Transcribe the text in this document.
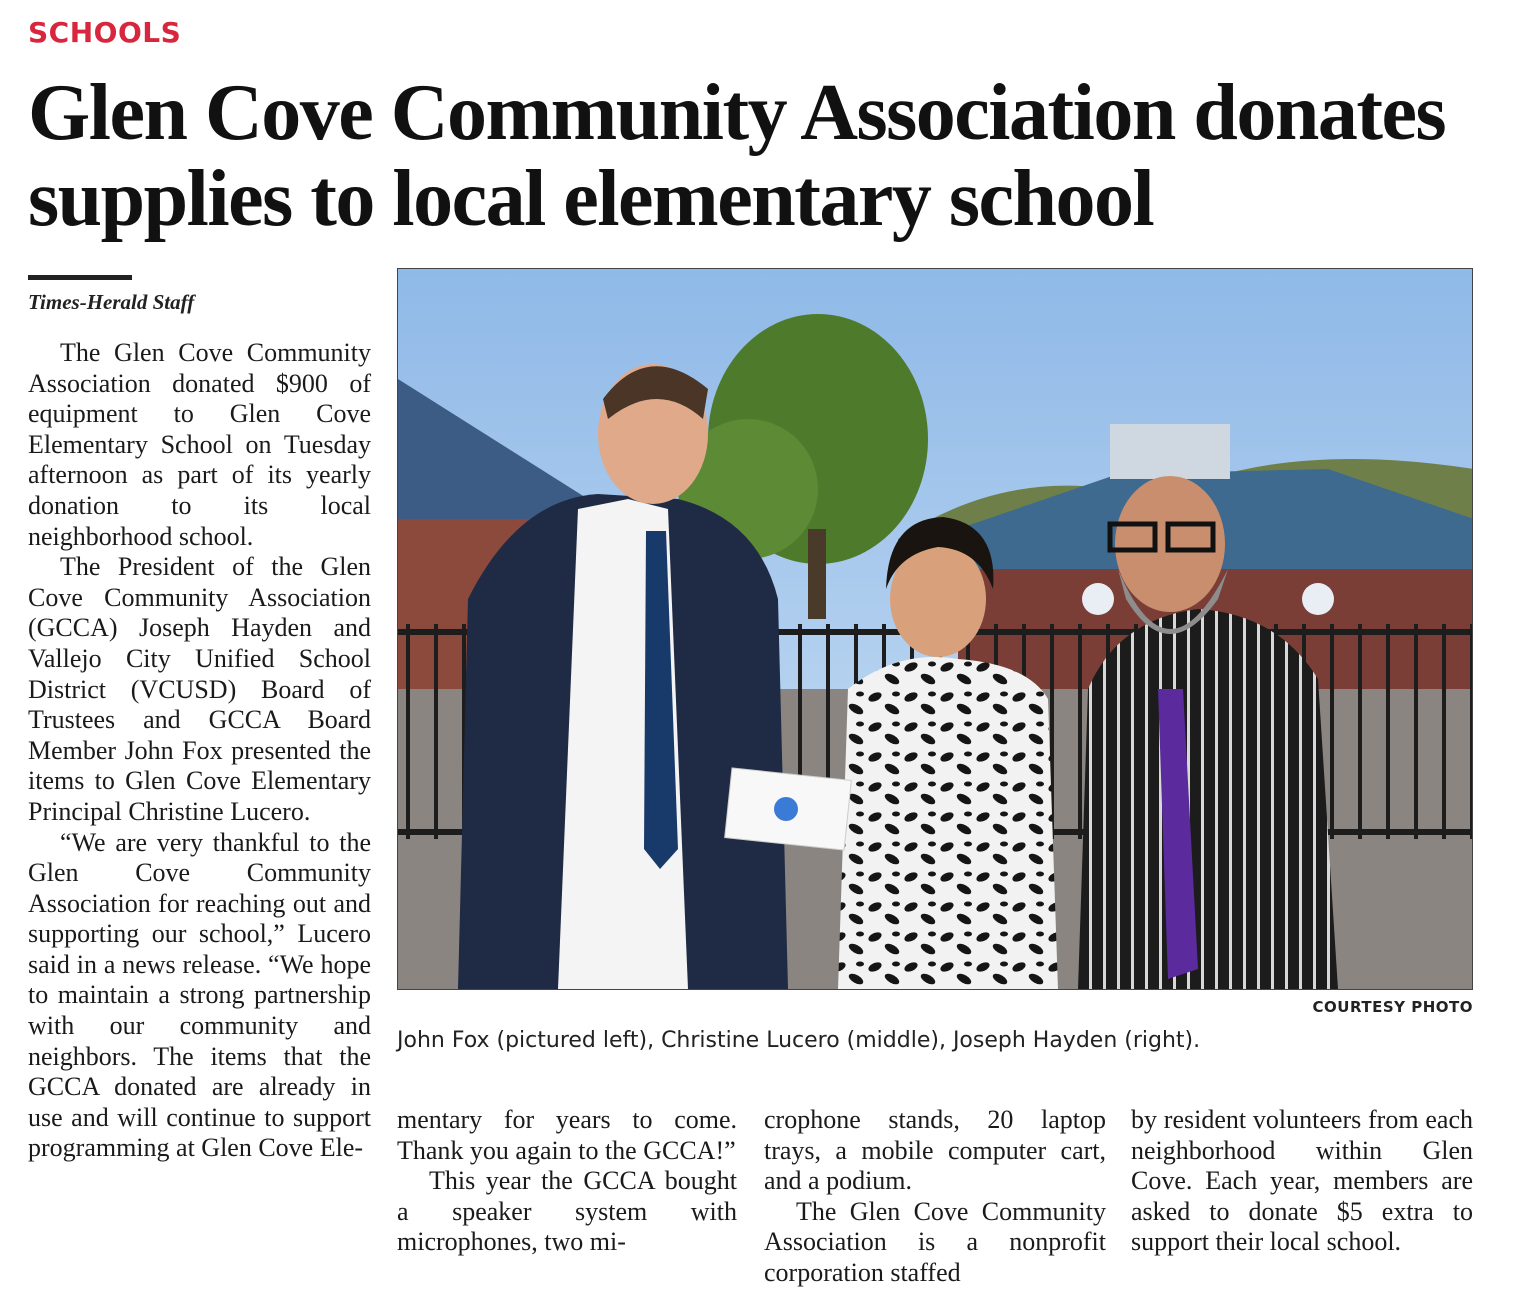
SCHOOLS
Glen Cove Community Association donates supplies to local elementary school
Times-Herald Staff

The Glen Cove Community Association donated $900 of equipment to Glen Cove Elementary School on Tuesday afternoon as part of its yearly donation to its local neighborhood school.

The President of the Glen Cove Community Association (GCCA) Joseph Hayden and Vallejo City Unified School District (VCUSD) Board of Trustees and GCCA Board Member John Fox presented the items to Glen Cove Elementary Principal Christine Lucero.

“We are very thankful to the Glen Cove Community Association for reaching out and supporting our school,” Lucero said in a news release. “We hope to maintain a strong partnership with our community and neighbors. The items that the GCCA donated are already in use and will continue to support programming at Glen Cove Ele-

COURTESY PHOTO
John Fox (pictured left), Christine Lucero (middle), Joseph Hayden (right).

mentary for years to come. Thank you again to the GCCA!”

This year the GCCA bought a speaker system with microphones, two mi-

crophone stands, 20 laptop trays, a mobile computer cart, and a podium.

The Glen Cove Community Association is a nonprofit corporation staffed

by resident volunteers from each neighborhood within Glen Cove. Each year, members are asked to donate $5 extra to support their local school.
